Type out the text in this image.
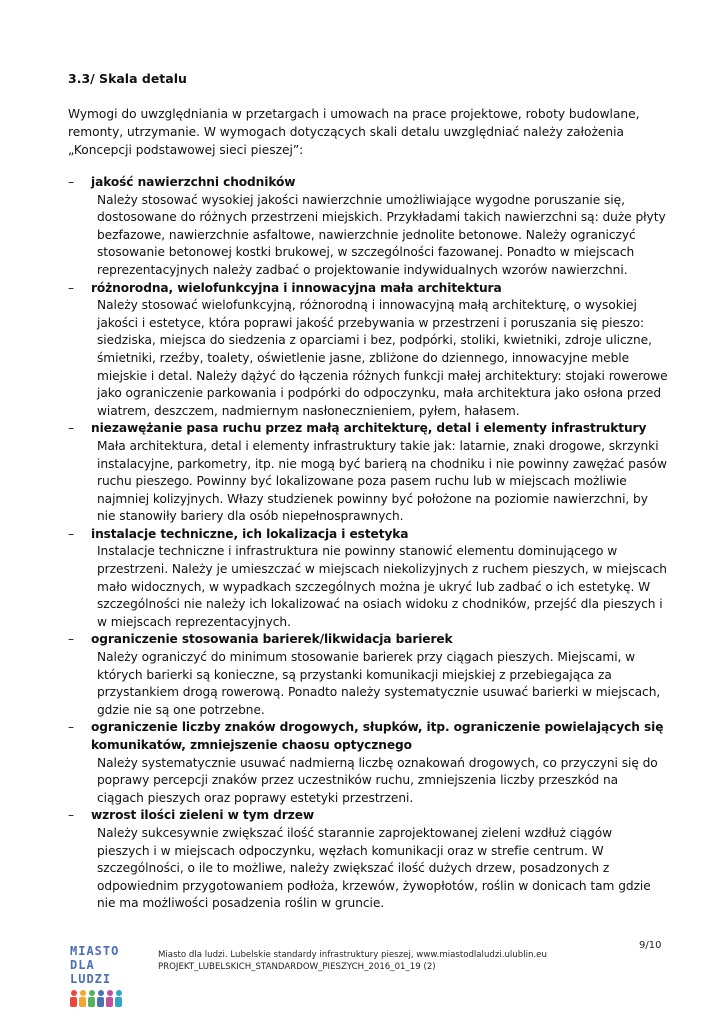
3.3/ Skala detalu
Wymogi do uwzględniania w przetargach i umowach na prace projektowe, roboty budowlane, remonty, utrzymanie. W wymogach dotyczących skali detalu uwzględniać należy założenia „Koncepcji podstawowej sieci pieszej”:
– jakość nawierzchni chodników
Należy stosować wysokiej jakości nawierzchnie umożliwiające wygodne poruszanie się, dostosowane do różnych przestrzeni miejskich. Przykładami takich nawierzchni są: duże płyty bezfazowe, nawierzchnie asfaltowe, nawierzchnie jednolite betonowe. Należy ograniczyć stosowanie betonowej kostki brukowej, w szczególności fazowanej. Ponadto w miejscach reprezentacyjnych należy zadbać o projektowanie indywidualnych wzorów nawierzchni.
– różnorodna, wielofunkcyjna i innowacyjna mała architektura
Należy stosować wielofunkcyjną, różnorodną i innowacyjną małą architekturę, o wysokiej jakości i estetyce, która poprawi jakość przebywania w przestrzeni i poruszania się pieszo: siedziska, miejsca do siedzenia z oparciami i bez, podpórki, stoliki, kwietniki, zdroje uliczne, śmietniki, rzeźby, toalety, oświetlenie jasne, zbliżone do dziennego, innowacyjne meble miejskie i detal. Należy dążyć do łączenia różnych funkcji małej architektury: stojaki rowerowe jako ograniczenie parkowania i podpórki do odpoczynku, mała architektura jako osłona przed wiatrem, deszczem, nadmiernym nasłonecznieniem, pyłem, hałasem.
– niezawężanie pasa ruchu przez małą architekturę, detal i elementy infrastruktury
Mała architektura, detal i elementy infrastruktury takie jak: latarnie, znaki drogowe, skrzynki instalacyjne, parkometry, itp. nie mogą być barierą na chodniku i nie powinny zawężać pasów ruchu pieszego. Powinny być lokalizowane poza pasem ruchu lub w miejscach możliwie najmniej kolizyjnych. Włazy studzienek powinny być położone na poziomie nawierzchni, by nie stanowiły bariery dla osób niepełnosprawnych.
– instalacje techniczne, ich lokalizacja i estetyka
Instalacje techniczne i infrastruktura nie powinny stanowić elementu dominującego w przestrzeni. Należy je umieszczać w miejscach niekolizyjnych z ruchem pieszych, w miejscach mało widocznych, w wypadkach szczególnych można je ukryć lub zadbać o ich estetykę. W szczególności nie należy ich lokalizować na osiach widoku z chodników, przejść dla pieszych i w miejscach reprezentacyjnych.
– ograniczenie stosowania barierek/likwidacja barierek
Należy ograniczyć do minimum stosowanie barierek przy ciągach pieszych. Miejscami, w których barierki są konieczne, są przystanki komunikacji miejskiej z przebiegająca za przystankiem drogą rowerową. Ponadto należy systematycznie usuwać barierki w miejscach, gdzie nie są one potrzebne.
– ograniczenie liczby znaków drogowych, słupków, itp. ograniczenie powielających się komunikatów, zmniejszenie chaosu optycznego
Należy systematycznie usuwać nadmierną liczbę oznakowań drogowych, co przyczyni się do poprawy percepcji znaków przez uczestników ruchu, zmniejszenia liczby przeszkód na ciągach pieszych oraz poprawy estetyki przestrzeni.
– wzrost ilości zieleni w tym drzew
Należy sukcesywnie zwiększać ilość starannie zaprojektowanej zieleni wzdłuż ciągów pieszych i w miejscach odpoczynku, węzłach komunikacji oraz w strefie centrum. W szczególności, o ile to możliwe, należy zwiększać ilość dużych drzew, posadzonych z odpowiednim przygotowaniem podłoża, krzewów, żywopłotów, roślin w donicach tam gdzie nie ma możliwości posadzenia roślin w gruncie.
MIASTO
DLA LUDZI
Miasto dla ludzi. Lubelskie standardy infrastruktury pieszej, www.miastodlaludzi.ulublin.eu
PROJEKT_LUBELSKICH_STANDARDOW_PIESZYCH_2016_01_19 (2)
9/10
